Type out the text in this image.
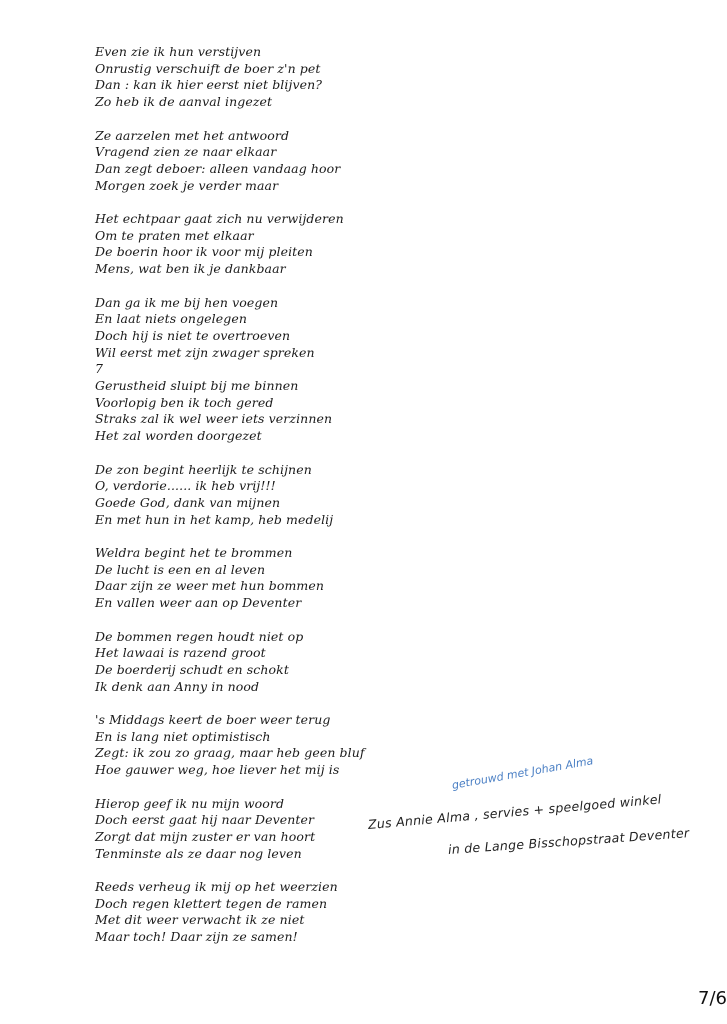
Even zie ik hun verstijven
Onrustig verschuift de boer z'n pet
Dan : kan ik hier eerst niet blijven?
Zo heb ik de aanval ingezet
Ze aarzelen met het antwoord
Vragend zien ze naar elkaar
Dan zegt deboer: alleen vandaag hoor
Morgen zoek je verder maar
Het echtpaar gaat zich nu verwijderen
Om te praten met elkaar
De boerin hoor ik voor mij pleiten
Mens, wat ben ik je dankbaar
Dan ga ik me bij hen voegen
En laat niets ongelegen
Doch hij is niet te overtroeven
Wil eerst met zijn zwager spreken
7
Gerustheid sluipt bij me binnen
Voorlopig ben ik toch gered
Straks zal ik wel weer iets verzinnen
Het zal worden doorgezet
De zon begint heerlijk te schijnen
O, verdorie...... ik heb vrij!!!
Goede God, dank van mijnen
En met hun in het kamp, heb medelij
Weldra begint het te brommen
De lucht is een en al leven
Daar zijn ze weer met hun bommen
En vallen weer aan op Deventer
De bommen regen houdt niet op
Het lawaai is razend groot
De boerderij schudt en schokt
Ik denk aan Anny in nood
's Middags keert de boer weer terug
En is lang niet optimistisch
Zegt: ik zou zo graag, maar heb geen bluf
Hoe gauwer weg, hoe liever het mij is
Hierop geef ik nu mijn woord
Doch eerst gaat hij naar Deventer
Zorgt dat mijn zuster er van hoort
Tenminste als ze daar nog leven
Reeds verheug ik mij op het weerzien
Doch regen klettert tegen de ramen
Met dit weer verwacht ik ze niet
Maar toch! Daar zijn ze samen!
getrouwd met Johan Alma
Zus Annie Alma , servies + speelgoed winkel
in de Lange Bisschopstraat Deventer
7/6
